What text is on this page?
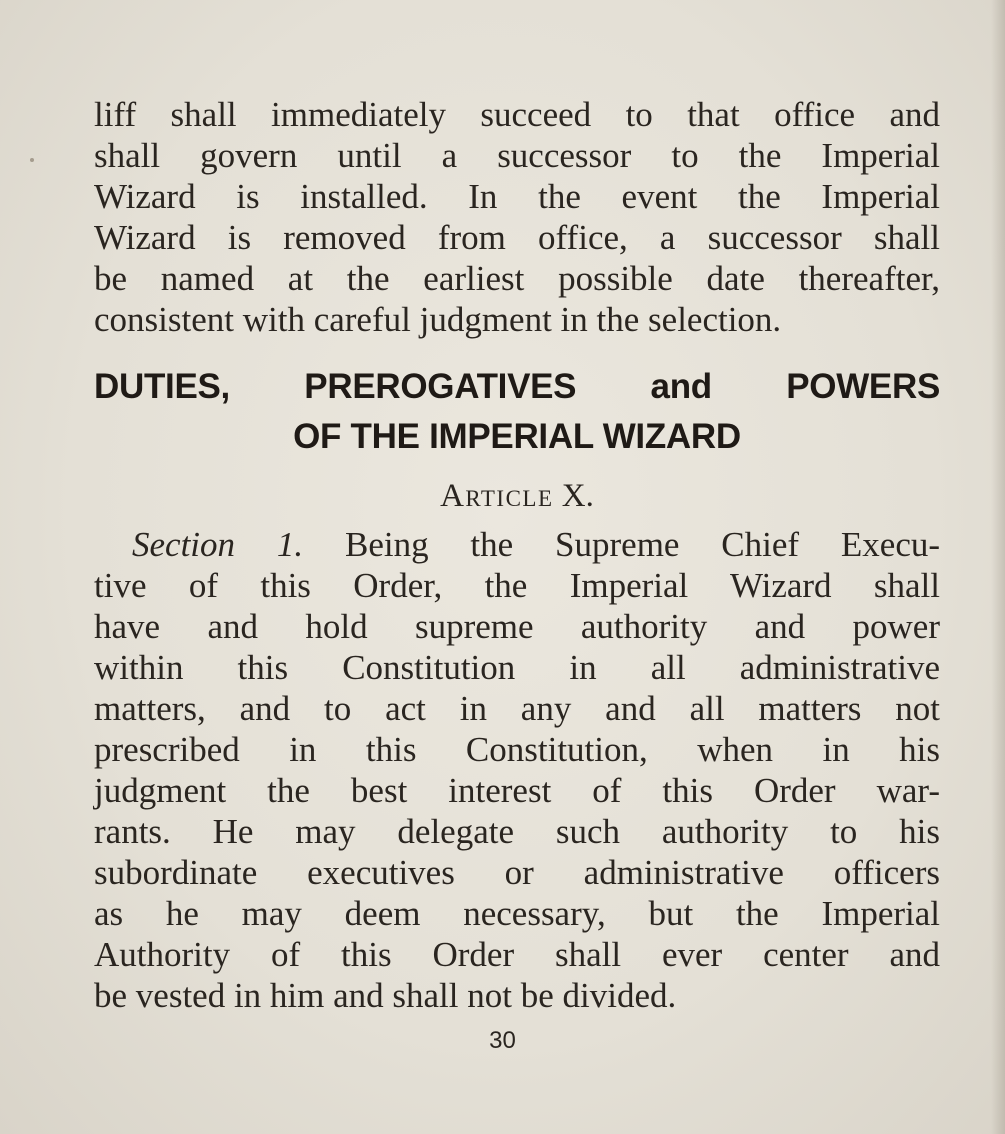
liff shall immediately succeed to that office and
shall govern until a successor to the Imperial
Wizard is installed. In the event the Imperial
Wizard is removed from office, a successor shall
be named at the earliest possible date thereafter,
consistent with careful judgment in the selection.
DUTIES, PREROGATIVES and POWERS
OF THE IMPERIAL WIZARD

Article X.

Section 1. Being the Supreme Chief Execu-
tive of this Order, the Imperial Wizard shall
have and hold supreme authority and power
within this Constitution in all administrative
matters, and to act in any and all matters not
prescribed in this Constitution, when in his
judgment the best interest of this Order war-
rants. He may delegate such authority to his
subordinate executives or administrative officers
as he may deem necessary, but the Imperial
Authority of this Order shall ever center and
be vested in him and shall not be divided.
30
